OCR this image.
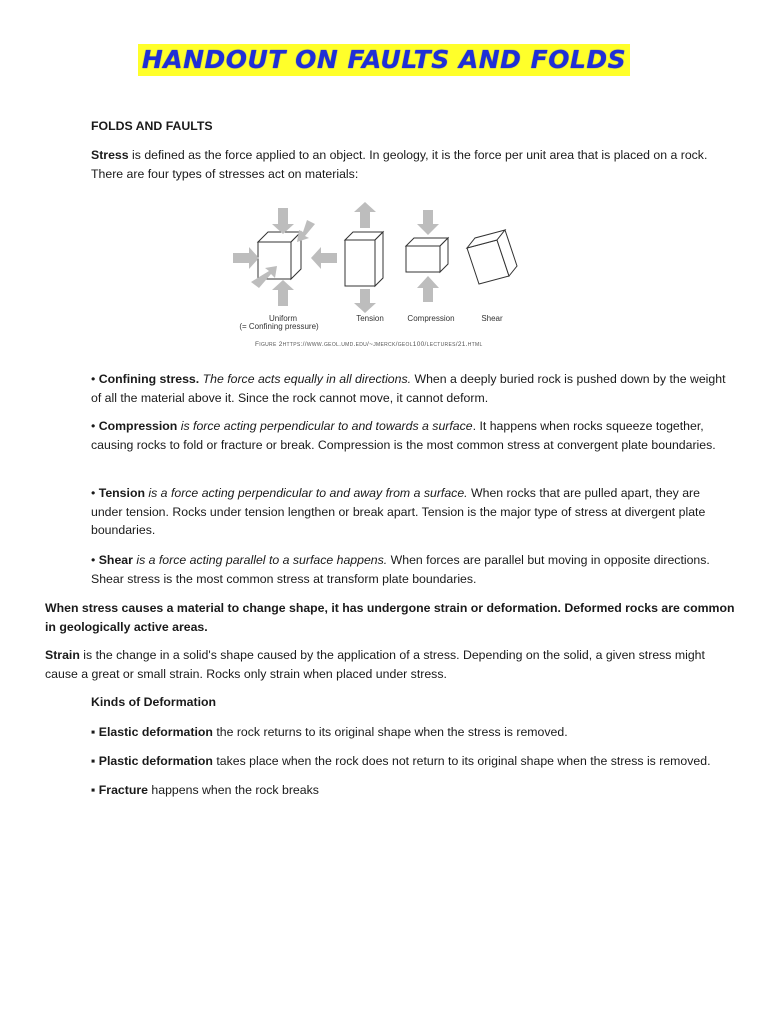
HANDOUT ON FAULTS AND FOLDS

FOLDS AND FAULTS

Stress is defined as the force applied to an object. In geology, it is the force per unit area that is placed on a rock. There are four types of stresses act on materials:

Uniform
(= Confining pressure)
Tension	Compression	Shear
Figure 2https://www.geol.umd.edu/~jmerck/geol100/lectures/21.html

• Confining stress. The force acts equally in all directions. When a deeply buried rock is pushed down by the weight of all the material above it. Since the rock cannot move, it cannot deform.

• Compression is force acting perpendicular to and towards a surface. It happens when rocks squeeze together, causing rocks to fold or fracture or break. Compression is the most common stress at convergent plate boundaries.

• Tension is a force acting perpendicular to and away from a surface. When rocks that are pulled apart, they are under tension. Rocks under tension lengthen or break apart. Tension is the major type of stress at divergent plate boundaries.

• Shear is a force acting parallel to a surface happens. When forces are parallel but moving in opposite directions. Shear stress is the most common stress at transform plate boundaries.

When stress causes a material to change shape, it has undergone strain or deformation. Deformed rocks are common in geologically active areas.

Strain is the change in a solid's shape caused by the application of a stress. Depending on the solid, a given stress might cause a great or small strain. Rocks only strain when placed under stress.

Kinds of Deformation

▪ Elastic deformation the rock returns to its original shape when the stress is removed.

▪ Plastic deformation takes place when the rock does not return to its original shape when the stress is removed.

▪ Fracture happens when the rock breaks
